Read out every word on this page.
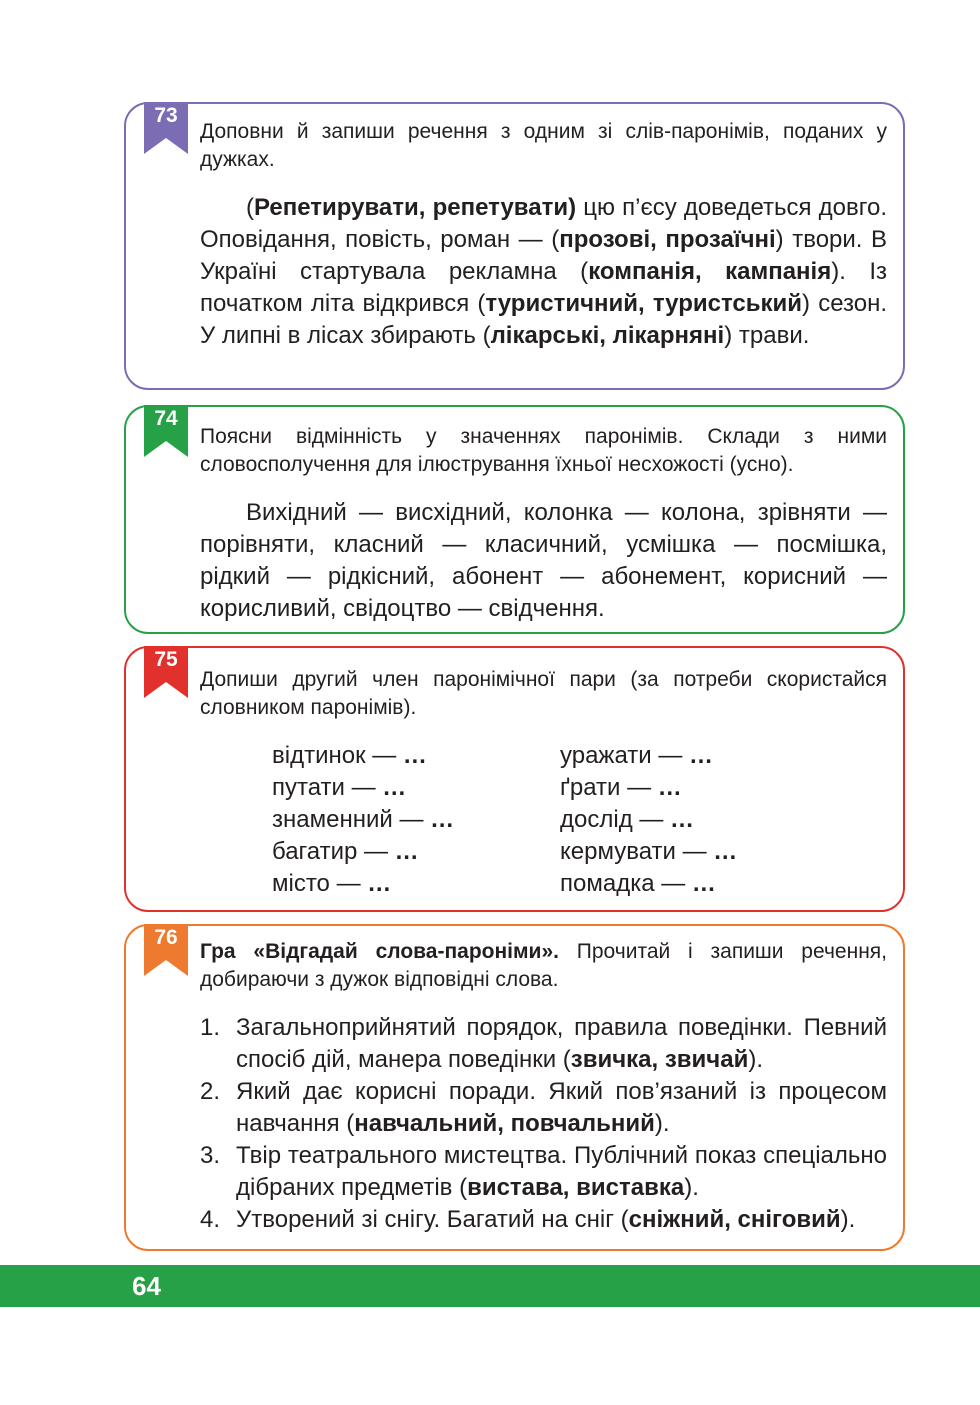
73
Доповни й запиши речення з одним зі слів-паронімів, поданих у дужках.

(Репетирувати, репетувати) цю п’єсу доведеться довго. Оповідання, повість, роман — (прозові, прозаїчні) твори. В Україні стартувала рекламна (компанія, кампанія). Із початком літа відкрився (туристичний, туристський) сезон. У липні в лісах збирають (лікарські, лікарняні) трави.

74
Поясни відмінність у значеннях паронімів. Склади з ними словосполучення для ілюстрування їхньої несхожості (усно).

Вихідний — висхідний, колонка — колона, зрівняти — порівняти, класний — класичний, усмішка — посмішка, рідкий — рідкісний, абонент — абонемент, корисний — корисливий, свідоцтво — свідчення.

75
Допиши другий член паронімічної пари (за потреби скористайся словником паронімів).
відтинок — …
путати — …
знаменний — …
багатир — …
місто — …
уражати — …
ґрати — …
дослід — …
кермувати — …
помадка — …
76
Гра «Відгадай слова-пароніми». Прочитай і запиши речення, добираючи з дужок відповідні слова.
1. Загальноприйнятий порядок, правила поведінки. Певний спосіб дій, манера поведінки (звичка, звичай).
2. Який дає корисні поради. Який пов’язаний із процесом навчання (навчальний, повчальний).
3. Твір театрального мистецтва. Публічний показ спеціально дібраних предметів (вистава, виставка).
4. Утворений зі снігу. Багатий на сніг (сніжний, сніговий).
64
